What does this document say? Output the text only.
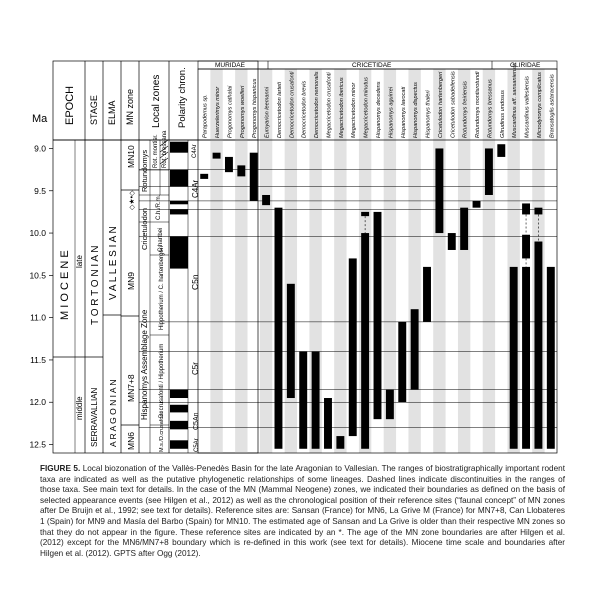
Ma EPOCH STAGE ELMA MN zone Local zones Polarity chron.
9.0
9.5
10.0
10.5
11.0
11.5
12.0
12.5
M I O C E N E late
middle
T O R T O N I A N
SERRAVALLIAN
V A L L E S I A N
A R A G O N I A N
MN10
◇★•◇
MN9
MN7+8
MN6
Rotundomys Rot. montisr. Rot. bressana
Cricetulodon
C.h./R.m.
C.hartbei
Hispanomys Assemblage Zone
Hippotherium / C. hartenbergeri
D. crusafonti / Hippotherium
M.s./D.crusafonti
C4Ar
C4Ar
C5n
C5r
C5An
C5Ar
Parapodemus sp. Huerzelerimys minor Progonomys cathalai Progonomys woelferi Progonomys hispanicus Eumyarion leemanni Democricetodon larteti Democricetodon crusafonti Democricetodon brevis Democricetodon nemoralis Megacricetodon crusafonti Megacricetodon ibericus Megacricetodon minor Megacricetodon minutus Hispanomys decedens Hispanomys aguirrei Hispanomys lavocati Hispanomys dispectus Hispanomys thaleri Cricetulodon hartenbergeri Cricetulodon sabadellensis Rotundomys freiriensis Rotundomys montisrotundi Rotundomys bressanus Glirudinus undosus Muscardinus aff. sansaniensis Muscardinus vallesiensis Microdyromys complicatus Bransatoglis astaracensis
MURIDAE	CRICETIDAE	GLIRIDAE
FIGURE 5. Local biozonation of the Vallès-Penedès Basin for the late Aragonian to Vallesian. The ranges of biostratigraphically important rodent taxa are indicated as well as the putative phylogenetic relationships of some lineages. Dashed lines indicate discontinuities in the ranges of those taxa. See main text for details. In the case of the MN (Mammal Neogene) zones, we indicated their boundaries as defined on the basis of selected appearance events (see Hilgen et al., 2012) as well as the chronological position of their reference sites (“faunal concept” of MN zones after De Bruijn et al., 1992; see text for details). Reference sites are: Sansan (France) for MN6, La Grive M (France) for MN7+8, Can Llobateres 1 (Spain) for MN9 and Masía del Barbo (Spain) for MN10. The estimated age of Sansan and La Grive is older than their respective MN zones so that they do not appear in the figure. These reference sites are indicated by an *. The age of the MN zone boundaries are after Hilgen et al. (2012) except for the MN6/MN7+8 boundary which is re-defined in this work (see text for details). Miocene time scale and boundaries after Hilgen et al. (2012). GPTS after Ogg (2012).
